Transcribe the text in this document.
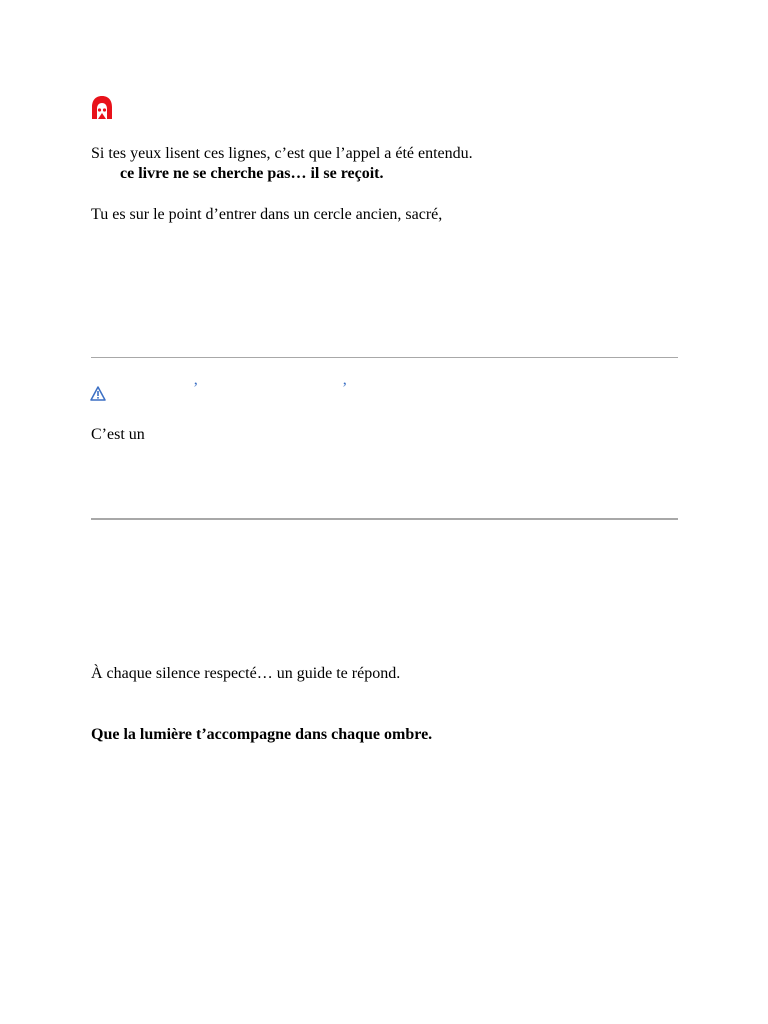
Si tes yeux lisent ces lignes, c’est que l’appel a été entendu.
ce livre ne se cherche pas… il se reçoit.
Tu es sur le point d’entrer dans un cercle ancien, sacré,
’	’
C’est un
À chaque silence respecté… un guide te répond.
Que la lumière t’accompagne dans chaque ombre.
